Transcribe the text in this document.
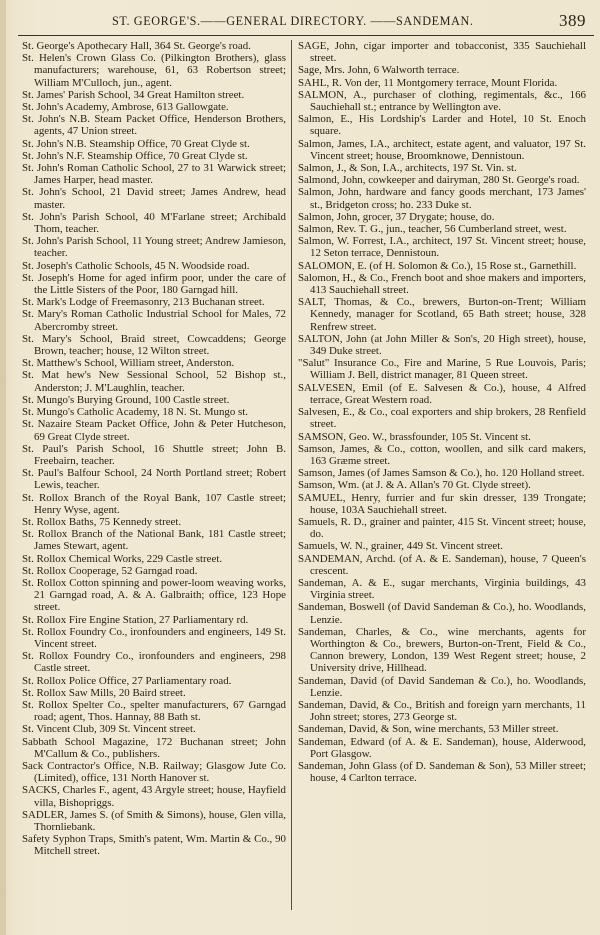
ST. GEORGE'S.——GENERAL DIRECTORY. ——SANDEMAN.	389

St. George's Apothecary Hall, 364 St. George's road.

St. Helen's Crown Glass Co. (Pilkington Brothers), glass manufacturers; warehouse, 61, 63 Robertson street; William M'Culloch, jun., agent.

St. James' Parish School, 34 Great Hamilton street.

St. John's Academy, Ambrose, 613 Gallowgate.

St. John's N.B. Steam Packet Office, Henderson Brothers, agents, 47 Union street.

St. John's N.B. Steamship Office, 70 Great Clyde st.

St. John's N.F. Steamship Office, 70 Great Clyde st.

St. John's Roman Catholic School, 27 to 31 Warwick street; James Harper, head master.

St. John's School, 21 David street; James Andrew, head master.

St. John's Parish School, 40 M'Farlane street; Archibald Thom, teacher.

St. John's Parish School, 11 Young street; Andrew Jamieson, teacher.

St. Joseph's Catholic Schools, 45 N. Woodside road.

St. Joseph's Home for aged infirm poor, under the care of the Little Sisters of the Poor, 180 Garngad hill.

St. Mark's Lodge of Freemasonry, 213 Buchanan street.

St. Mary's Roman Catholic Industrial School for Males, 72 Abercromby street.

St. Mary's School, Braid street, Cowcaddens; George Brown, teacher; house, 12 Wilton street.

St. Matthew's School, William street, Anderston.

St. Mat hew's New Sessional School, 52 Bishop st., Anderston; J. M'Laughlin, teacher.

St. Mungo's Burying Ground, 100 Castle street.

St. Mungo's Catholic Academy, 18 N. St. Mungo st.

St. Nazaire Steam Packet Office, John & Peter Hutcheson, 69 Great Clyde street.

St. Paul's Parish School, 16 Shuttle street; John B. Freebairn, teacher.

St. Paul's Balfour School, 24 North Portland street; Robert Lewis, teacher.

St. Rollox Branch of the Royal Bank, 107 Castle street; Henry Wyse, agent.

St. Rollox Baths, 75 Kennedy street.

St. Rollox Branch of the National Bank, 181 Castle street; James Stewart, agent.

St. Rollox Chemical Works, 229 Castle street.

St. Rollox Cooperage, 52 Garngad road.

St. Rollox Cotton spinning and power-loom weaving works, 21 Garngad road, A. & A. Galbraith; office, 123 Hope street.

St. Rollox Fire Engine Station, 27 Parliamentary rd.

St. Rollox Foundry Co., ironfounders and engineers, 149 St. Vincent street.

St. Rollox Foundry Co., ironfounders and engineers, 298 Castle street.

St. Rollox Police Office, 27 Parliamentary road.

St. Rollox Saw Mills, 20 Baird street.

St. Rollox Spelter Co., spelter manufacturers, 67 Garngad road; agent, Thos. Hannay, 88 Bath st.

St. Vincent Club, 309 St. Vincent street.

Sabbath School Magazine, 172 Buchanan street; John M'Callum & Co., publishers.

Sack Contractor's Office, N.B. Railway; Glasgow Jute Co. (Limited), office, 131 North Hanover st.

SACKS, Charles F., agent, 43 Argyle street; house, Hayfield villa, Bishopriggs.

SADLER, James S. (of Smith & Simons), house, Glen villa, Thornliebank.

Safety Syphon Traps, Smith's patent, Wm. Martin & Co., 90 Mitchell street.

SAGE, John, cigar importer and tobacconist, 335 Sauchiehall street.

Sage, Mrs. John, 6 Walworth terrace.

SAHL, R. Von der, 11 Montgomery terrace, Mount Florida.

SALMON, A., purchaser of clothing, regimentals, &c., 166 Sauchiehall st.; entrance by Wellington ave.

Salmon, E., His Lordship's Larder and Hotel, 10 St. Enoch square.

Salmon, James, I.A., architect, estate agent, and valuator, 197 St. Vincent street; house, Broomknowe, Dennistoun.

Salmon, J., & Son, I.A., architects, 197 St. Vin. st.

Salmond, John, cowkeeper and dairyman, 280 St. George's road.

Salmon, John, hardware and fancy goods merchant, 173 James' st., Bridgeton cross; ho. 233 Duke st.

Salmon, John, grocer, 37 Drygate; house, do.

Salmon, Rev. T. G., jun., teacher, 56 Cumberland street, west.

Salmon, W. Forrest, I.A., architect, 197 St. Vincent street; house, 12 Seton terrace, Dennistoun.

SALOMON, E. (of H. Solomon & Co.), 15 Rose st., Garnethill.

Salomon, H., & Co., French boot and shoe makers and importers, 413 Sauchiehall street.

SALT, Thomas, & Co., brewers, Burton-on-Trent; William Kennedy, manager for Scotland, 65 Bath street; house, 328 Renfrew street.

SALTON, John (at John Miller & Son's, 20 High street), house, 349 Duke street.

"Salut" Insurance Co., Fire and Marine, 5 Rue Louvois, Paris; William J. Bell, district manager, 81 Queen street.

SALVESEN, Emil (of E. Salvesen & Co.), house, 4 Alfred terrace, Great Western road.

Salvesen, E., & Co., coal exporters and ship brokers, 28 Renfield street.

SAMSON, Geo. W., brassfounder, 105 St. Vincent st.

Samson, James, & Co., cotton, woollen, and silk card makers, 163 Græme street.

Samson, James (of James Samson & Co.), ho. 120 Holland street.

Samson, Wm. (at J. & A. Allan's 70 Gt. Clyde street).

SAMUEL, Henry, furrier and fur skin dresser, 139 Trongate; house, 103A Sauchiehall street.

Samuels, R. D., grainer and painter, 415 St. Vincent street; house, do.

Samuels, W. N., grainer, 449 St. Vincent street.

SANDEMAN, Archd. (of A. & E. Sandeman), house, 7 Queen's crescent.

Sandeman, A. & E., sugar merchants, Virginia buildings, 43 Virginia street.

Sandeman, Boswell (of David Sandeman & Co.), ho. Woodlands, Lenzie.

Sandeman, Charles, & Co., wine merchants, agents for Worthington & Co., brewers, Burton-on-Trent, Field & Co., Cannon brewery, London, 139 West Regent street; house, 2 University drive, Hillhead.

Sandeman, David (of David Sandeman & Co.), ho. Woodlands, Lenzie.

Sandeman, David, & Co., British and foreign yarn merchants, 11 John street; stores, 273 George st.

Sandeman, David, & Son, wine merchants, 53 Miller street.

Sandeman, Edward (of A. & E. Sandeman), house, Alderwood, Port Glasgow.

Sandeman, John Glass (of D. Sandeman & Son), 53 Miller street; house, 4 Carlton terrace.
